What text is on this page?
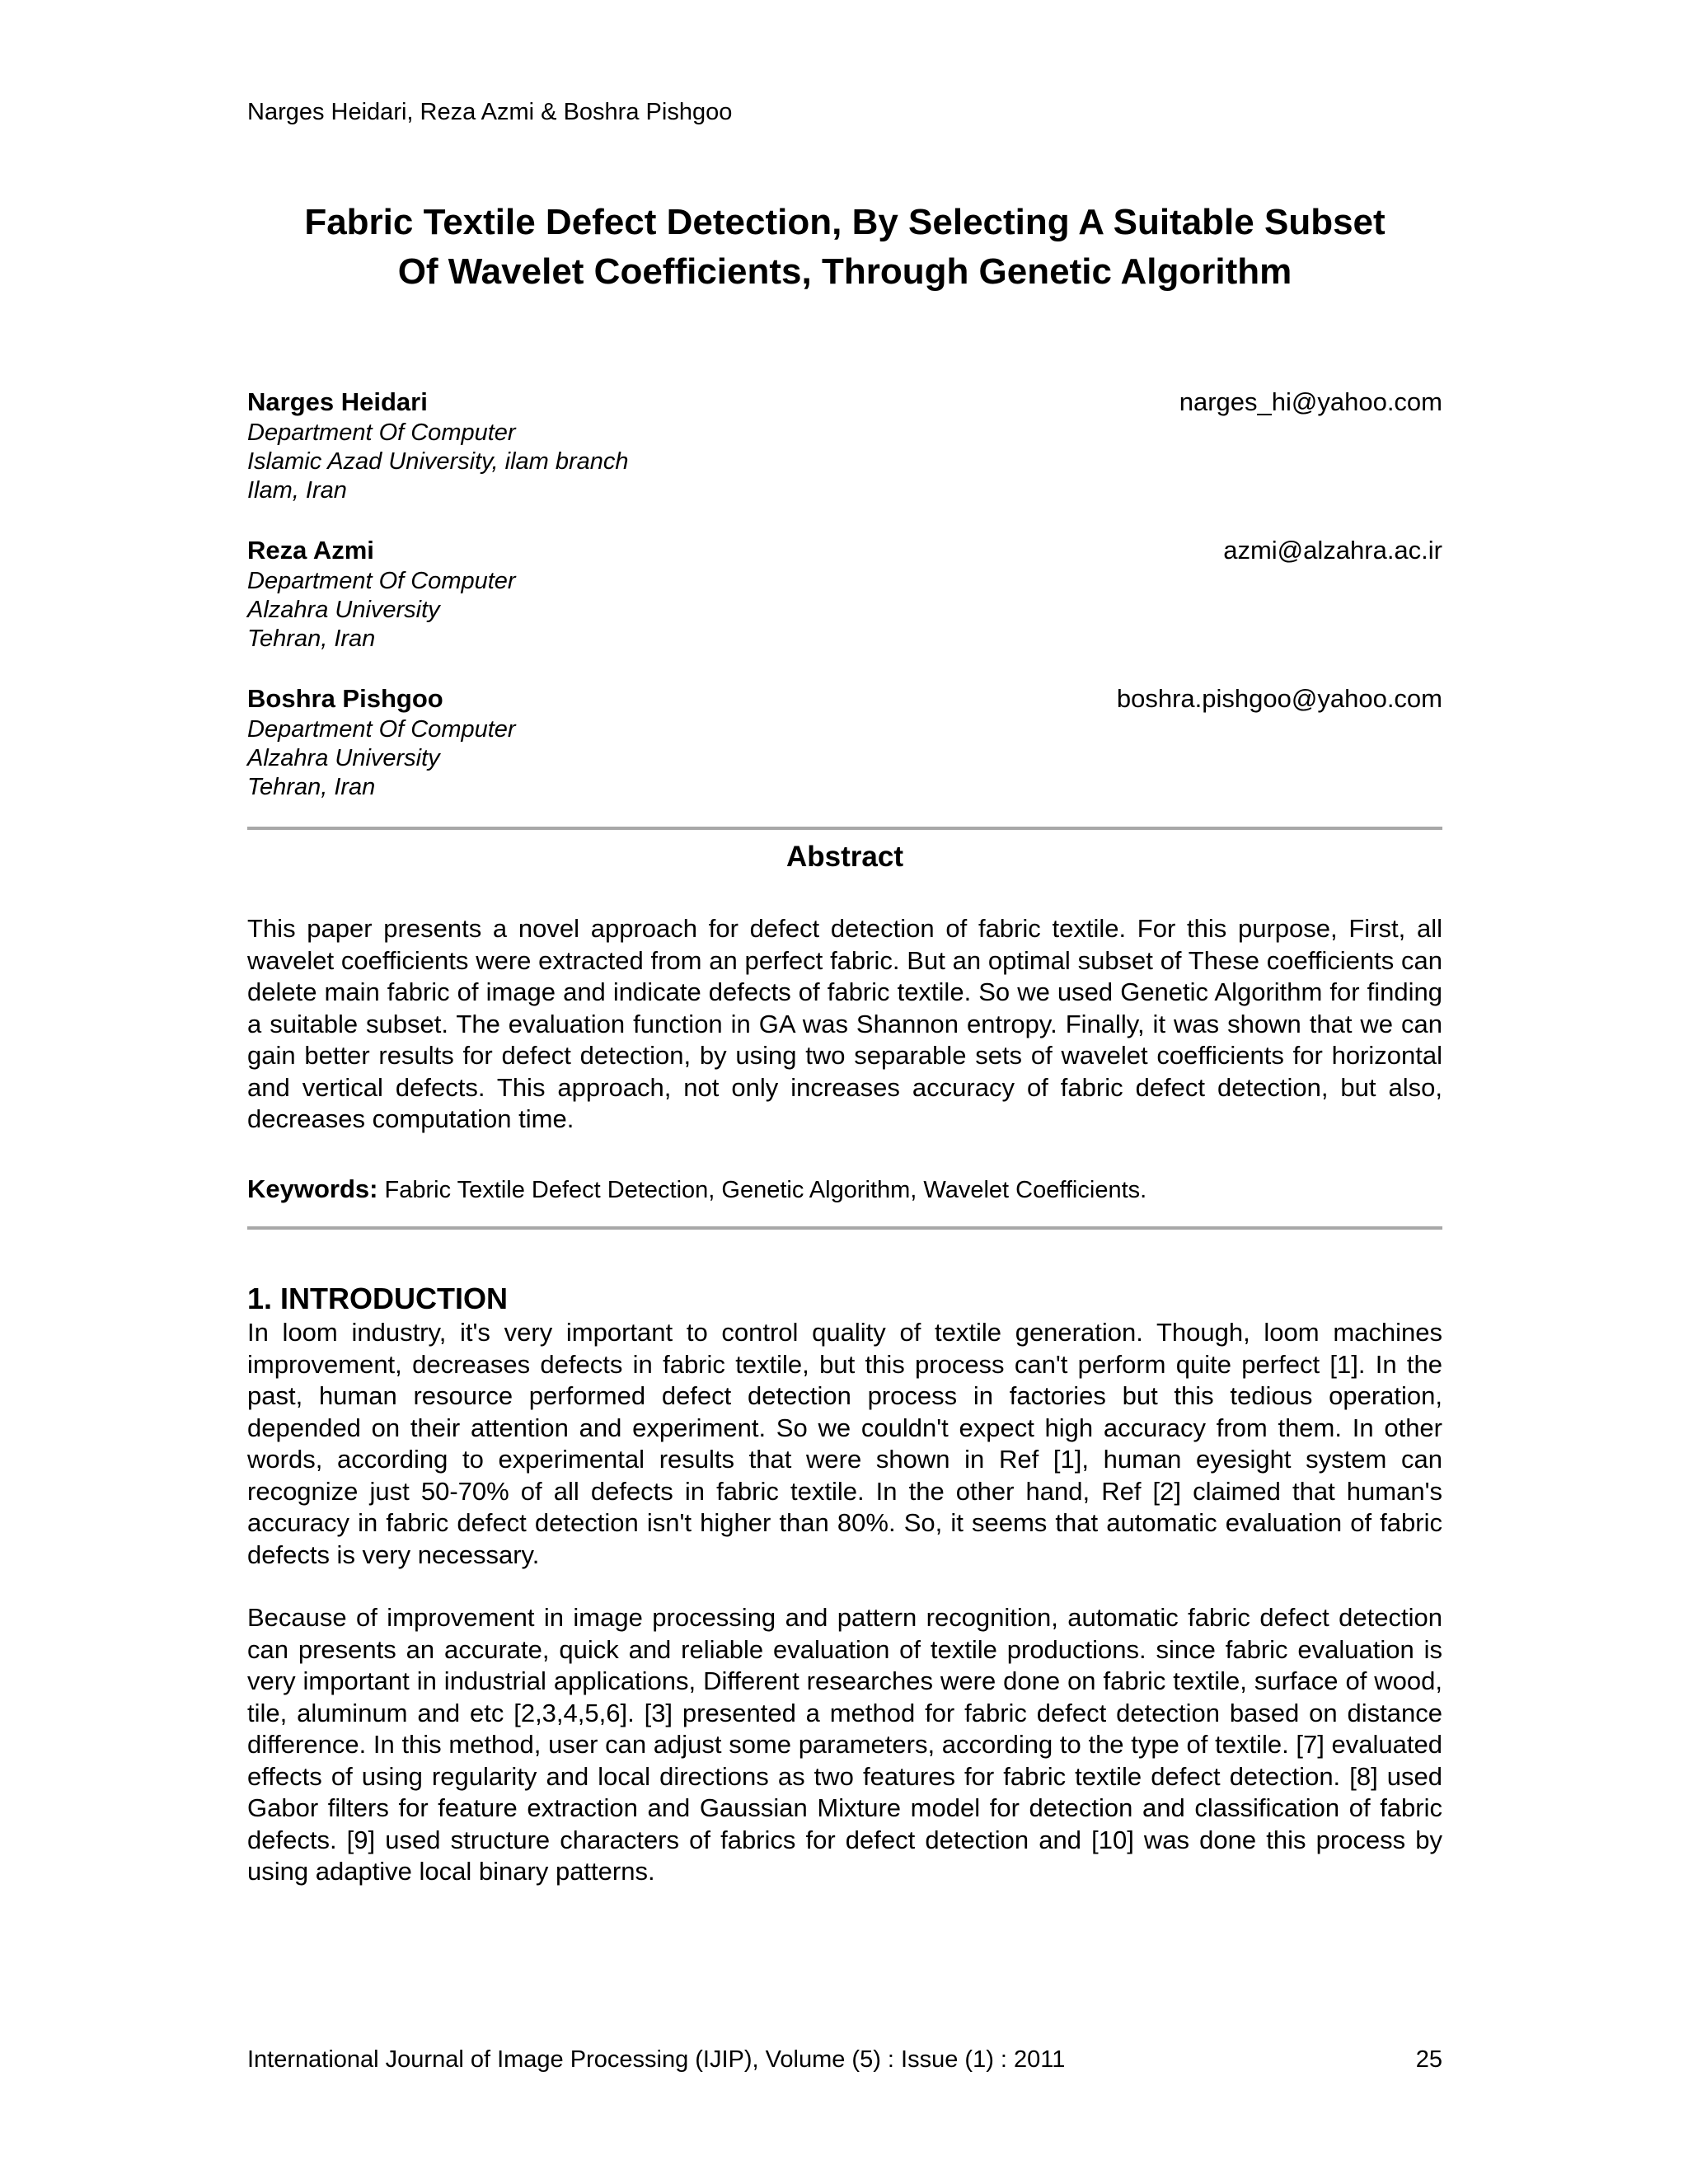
Narges Heidari, Reza Azmi & Boshra Pishgoo
Fabric Textile Defect Detection, By Selecting A Suitable Subset
Of Wavelet Coefficients, Through Genetic Algorithm
Narges Heidari	narges_hi@yahoo.com
Department Of Computer
Islamic Azad University, ilam branch
Ilam, Iran
Reza Azmi	azmi@alzahra.ac.ir
Department Of Computer
Alzahra University
Tehran, Iran
Boshra Pishgoo	boshra.pishgoo@yahoo.com
Department Of Computer
Alzahra University
Tehran, Iran
Abstract
This paper presents a novel approach for defect detection of fabric textile. For this purpose, First, all wavelet coefficients were extracted from an perfect fabric. But an optimal subset of These coefficients can delete main fabric of image and indicate defects of fabric textile. So we used Genetic Algorithm for finding a suitable subset. The evaluation function in GA was Shannon entropy. Finally, it was shown that we can gain better results for defect detection, by using two separable sets of wavelet coefficients for horizontal and vertical defects. This approach, not only increases accuracy of fabric defect detection, but also, decreases computation time.
Keywords: Fabric Textile Defect Detection, Genetic Algorithm, Wavelet Coefficients.
1. INTRODUCTION
In loom industry, it's very important to control quality of textile generation. Though, loom machines improvement, decreases defects in fabric textile, but this process can't perform quite perfect [1]. In the past, human resource performed defect detection process in factories but this tedious operation, depended on their attention and experiment. So we couldn't expect high accuracy from them. In other words, according to experimental results that were shown in Ref [1], human eyesight system can recognize just 50-70% of all defects in fabric textile. In the other hand, Ref [2] claimed that human's accuracy in fabric defect detection isn't higher than 80%. So, it seems that automatic evaluation of fabric defects is very necessary.
Because of improvement in image processing and pattern recognition, automatic fabric defect detection can presents an accurate, quick and reliable evaluation of textile productions. since fabric evaluation is very important in industrial applications, Different researches were done on fabric textile, surface of wood, tile, aluminum and etc [2,3,4,5,6]. [3] presented a method for fabric defect detection based on distance difference. In this method, user can adjust some parameters, according to the type of textile. [7] evaluated effects of using regularity and local directions as two features for fabric textile defect detection. [8] used Gabor filters for feature extraction and Gaussian Mixture model for detection and classification of fabric defects. [9] used structure characters of fabrics for defect detection and [10] was done this process by using adaptive local binary patterns.
International Journal of Image Processing (IJIP), Volume (5) : Issue (1) : 2011	25
